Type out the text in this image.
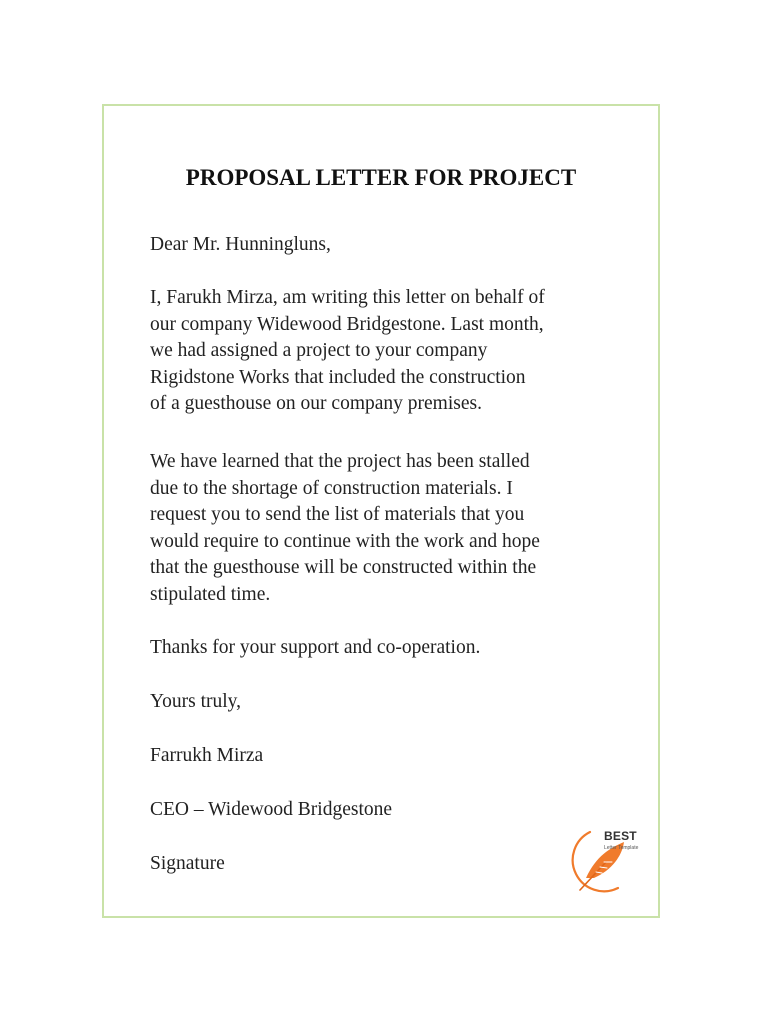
PROPOSAL LETTER FOR PROJECT

Dear Mr. Hunningluns,

I, Farukh Mirza, am writing this letter on behalf of
our company Widewood Bridgestone. Last month,
we had assigned a project to your company
Rigidstone Works that included the construction
of a guesthouse on our company premises.

We have learned that the project has been stalled
due to the shortage of construction materials. I
request you to send the list of materials that you
would require to continue with the work and hope
that the guesthouse will be constructed within the
stipulated time.

Thanks for your support and co-operation.

Yours truly,

Farrukh Mirza

CEO – Widewood Bridgestone

Signature

BEST
Letter Template
